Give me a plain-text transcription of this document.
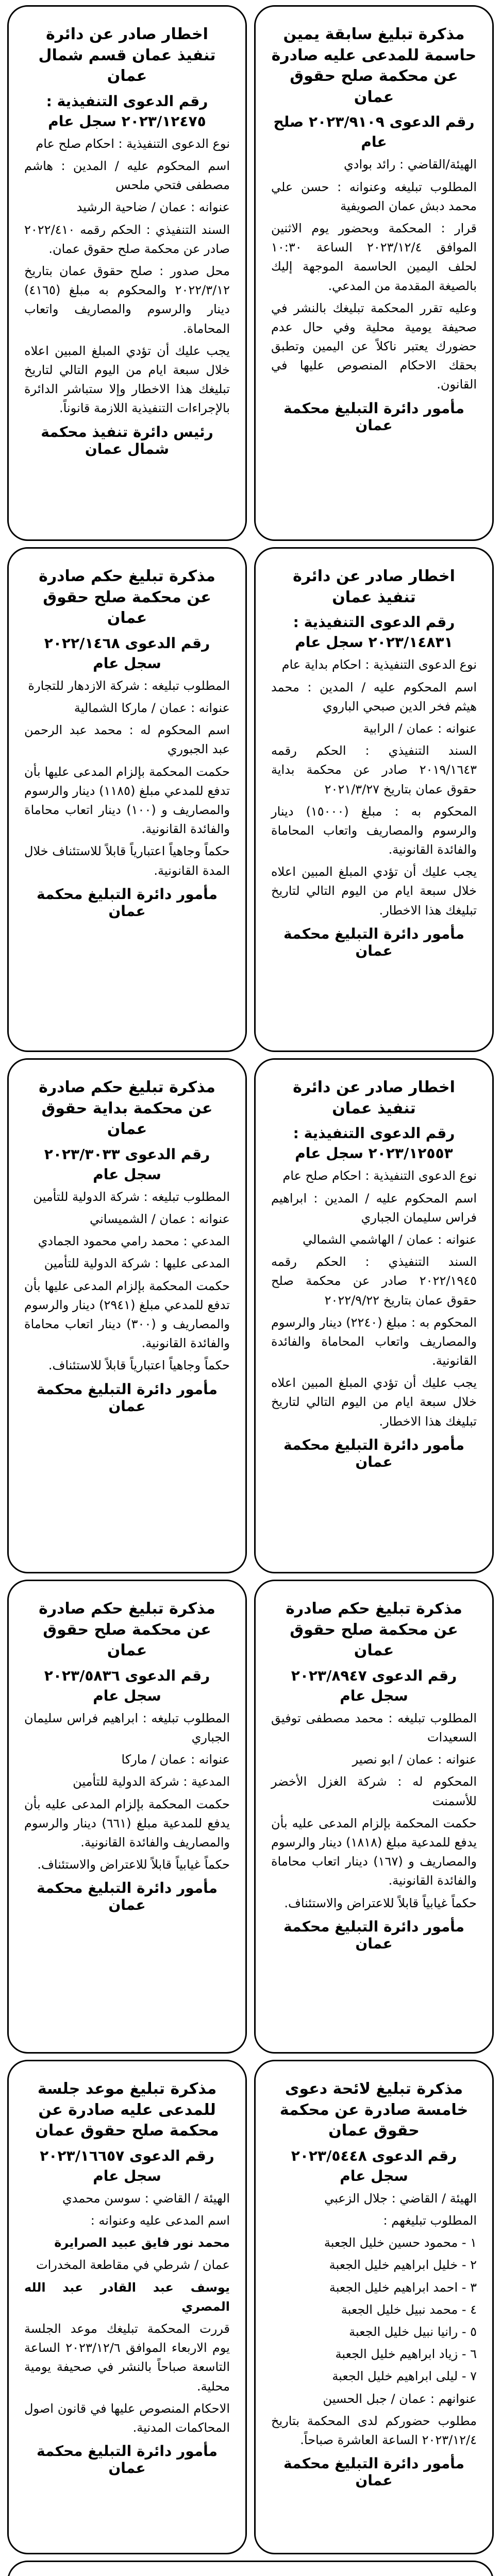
مذكرة تبليغ سابقة يمين حاسمة للمدعى عليه صادرة عن محكمة صلح حقوق عمان
رقم الدعوى ٢٠٢٣/٩١٠٩ صلح عام

الهيئة/القاضي : رائد بوادي

المطلوب تبليغه وعنوانه : حسن علي محمد دبش عمان الصويفية

قرار : المحكمة وبحضور يوم الاثنين الموافق ٢٠٢٣/١٢/٤ الساعة ١٠:٣٠ لحلف اليمين الحاسمة الموجهة إليك بالصيغة المقدمة من المدعي.

وعليه تقرر المحكمة تبليغك بالنشر في صحيفة يومية محلية وفي حال عدم حضورك يعتبر ناكلاً عن اليمين وتطبق بحقك الاحكام المنصوص عليها في القانون.

مأمور دائرة التبليغ محكمة عمان
اخطار صادر عن دائرة تنفيذ عمان قسم شمال عمان
رقم الدعوى التنفيذية : ٢٠٢٣/١٢٤٧٥ سجل عام

نوع الدعوى التنفيذية : احكام صلح عام

اسم المحكوم عليه / المدين : هاشم مصطفى فتحي ملحس

عنوانه : عمان / ضاحية الرشيد

السند التنفيذي : الحكم رقمه ٢٠٢٢/٤١٠ صادر عن محكمة صلح حقوق عمان.

محل صدور : صلح حقوق عمان بتاريخ ٢٠٢٢/٣/١٢ والمحكوم به مبلغ (٤١٦٥) دينار والرسوم والمصاريف واتعاب المحاماة.

يجب عليك أن تؤدي المبلغ المبين اعلاه خلال سبعة ايام من اليوم التالي لتاريخ تبليغك هذا الاخطار وإلا ستباشر الدائرة بالإجراءات التنفيذية اللازمة قانوناً.

رئيس دائرة تنفيذ محكمة شمال عمان
اخطار صادر عن دائرة تنفيذ عمان
رقم الدعوى التنفيذية : ٢٠٢٣/١٤٨٣١ سجل عام

نوع الدعوى التنفيذية : احكام بداية عام

اسم المحكوم عليه / المدين : محمد هيثم فخر الدين صبحي الباروي

عنوانه : عمان / الرابية

السند التنفيذي : الحكم رقمه ٢٠١٩/١٦٤٣ صادر عن محكمة بداية حقوق عمان بتاريخ ٢٠٢١/٣/٢٧

المحكوم به : مبلغ (١٥٠٠٠) دينار والرسوم والمصاريف واتعاب المحاماة والفائدة القانونية.

يجب عليك أن تؤدي المبلغ المبين اعلاه خلال سبعة ايام من اليوم التالي لتاريخ تبليغك هذا الاخطار.

مأمور دائرة التبليغ محكمة عمان
مذكرة تبليغ حكم صادرة عن محكمة صلح حقوق عمان
رقم الدعوى ٢٠٢٢/١٤٦٨ سجل عام

المطلوب تبليغه : شركة الازدهار للتجارة

عنوانه : عمان / ماركا الشمالية

اسم المحكوم له : محمد عبد الرحمن عبد الجبوري

حكمت المحكمة بإلزام المدعى عليها بأن تدفع للمدعي مبلغ (١١٨٥) دينار والرسوم والمصاريف و (١٠٠) دينار اتعاب محاماة والفائدة القانونية.

حكماً وجاهياً اعتبارياً قابلاً للاستئناف خلال المدة القانونية.

مأمور دائرة التبليغ محكمة عمان
اخطار صادر عن دائرة تنفيذ عمان
رقم الدعوى التنفيذية : ٢٠٢٣/١٢٥٥٣ سجل عام

نوع الدعوى التنفيذية : احكام صلح عام

اسم المحكوم عليه / المدين : ابراهيم فراس سليمان الجباري

عنوانه : عمان / الهاشمي الشمالي

السند التنفيذي : الحكم رقمه ٢٠٢٢/١٩٤٥ صادر عن محكمة صلح حقوق عمان بتاريخ ٢٠٢٢/٩/٢٢

المحكوم به : مبلغ (٢٢٤٠) دينار والرسوم والمصاريف واتعاب المحاماة والفائدة القانونية.

يجب عليك أن تؤدي المبلغ المبين اعلاه خلال سبعة ايام من اليوم التالي لتاريخ تبليغك هذا الاخطار.

مأمور دائرة التبليغ محكمة عمان
مذكرة تبليغ حكم صادرة عن محكمة بداية حقوق عمان
رقم الدعوى ٢٠٢٣/٣٠٣٣ سجل عام

المطلوب تبليغه : شركة الدولية للتأمين

عنوانه : عمان / الشميساني

المدعي : محمد رامي محمود الجمادي

المدعى عليها : شركة الدولية للتأمين

حكمت المحكمة بإلزام المدعى عليها بأن تدفع للمدعي مبلغ (٢٩٤١) دينار والرسوم والمصاريف و (٣٠٠) دينار اتعاب محاماة والفائدة القانونية.

حكماً وجاهياً اعتبارياً قابلاً للاستئناف.

مأمور دائرة التبليغ محكمة عمان
مذكرة تبليغ حكم صادرة عن محكمة صلح حقوق عمان
رقم الدعوى ٢٠٢٣/٨٩٤٧ سجل عام

المطلوب تبليغه : محمد مصطفى توفيق السعيدات

عنوانه : عمان / ابو نصير

المحكوم له : شركة الغزل الأخضر للأسمنت

حكمت المحكمة بإلزام المدعى عليه بأن يدفع للمدعية مبلغ (١٨١٨) دينار والرسوم والمصاريف و (١٦٧) دينار اتعاب محاماة والفائدة القانونية.

حكماً غيابياً قابلاً للاعتراض والاستئناف.

مأمور دائرة التبليغ محكمة عمان
مذكرة تبليغ حكم صادرة عن محكمة صلح حقوق عمان
رقم الدعوى ٢٠٢٣/٥٨٣٦ سجل عام

المطلوب تبليغه : ابراهيم فراس سليمان الجباري

عنوانه : عمان / ماركا

المدعية : شركة الدولية للتأمين

حكمت المحكمة بإلزام المدعى عليه بأن يدفع للمدعية مبلغ (٦٦١) دينار والرسوم والمصاريف والفائدة القانونية.

حكماً غيابياً قابلاً للاعتراض والاستئناف.

مأمور دائرة التبليغ محكمة عمان
مذكرة تبليغ لائحة دعوى خامسة صادرة عن محكمة حقوق عمان
رقم الدعوى ٢٠٢٣/٥٤٤٨ سجل عام

الهيئة / القاضي : جلال الزعبي

المطلوب تبليغهم :

١ - محمود حسين خليل الجعبة

٢ - خليل ابراهيم خليل الجعبة

٣ - احمد ابراهيم خليل الجعبة

٤ - محمد نبيل خليل الجعبة

٥ - رانيا نبيل خليل الجعبة

٦ - زياد ابراهيم خليل الجعبة

٧ - ليلى ابراهيم خليل الجعبة

عنوانهم : عمان / جبل الحسين

مطلوب حضوركم لدى المحكمة بتاريخ ٢٠٢٣/١٢/٤ الساعة العاشرة صباحاً.

مأمور دائرة التبليغ محكمة عمان
مذكرة تبليغ موعد جلسة للمدعى عليه صادرة عن محكمة صلح حقوق عمان
رقم الدعوى ٢٠٢٣/١٦٦٥٧ سجل عام

الهيئة / القاضي : سوسن محمدي

اسم المدعى عليه وعنوانه :

محمد نور فايق عبيد الصرايرة

عمان / شرطي في مقاطعة المخدرات

يوسف عبد القادر عبد الله المصري

قررت المحكمة تبليغك موعد الجلسة يوم الاربعاء الموافق ٢٠٢٣/١٢/٦ الساعة التاسعة صباحاً بالنشر في صحيفة يومية محلية.

الاحكام المنصوص عليها في قانون اصول المحاكمات المدنية.

مأمور دائرة التبليغ محكمة عمان
